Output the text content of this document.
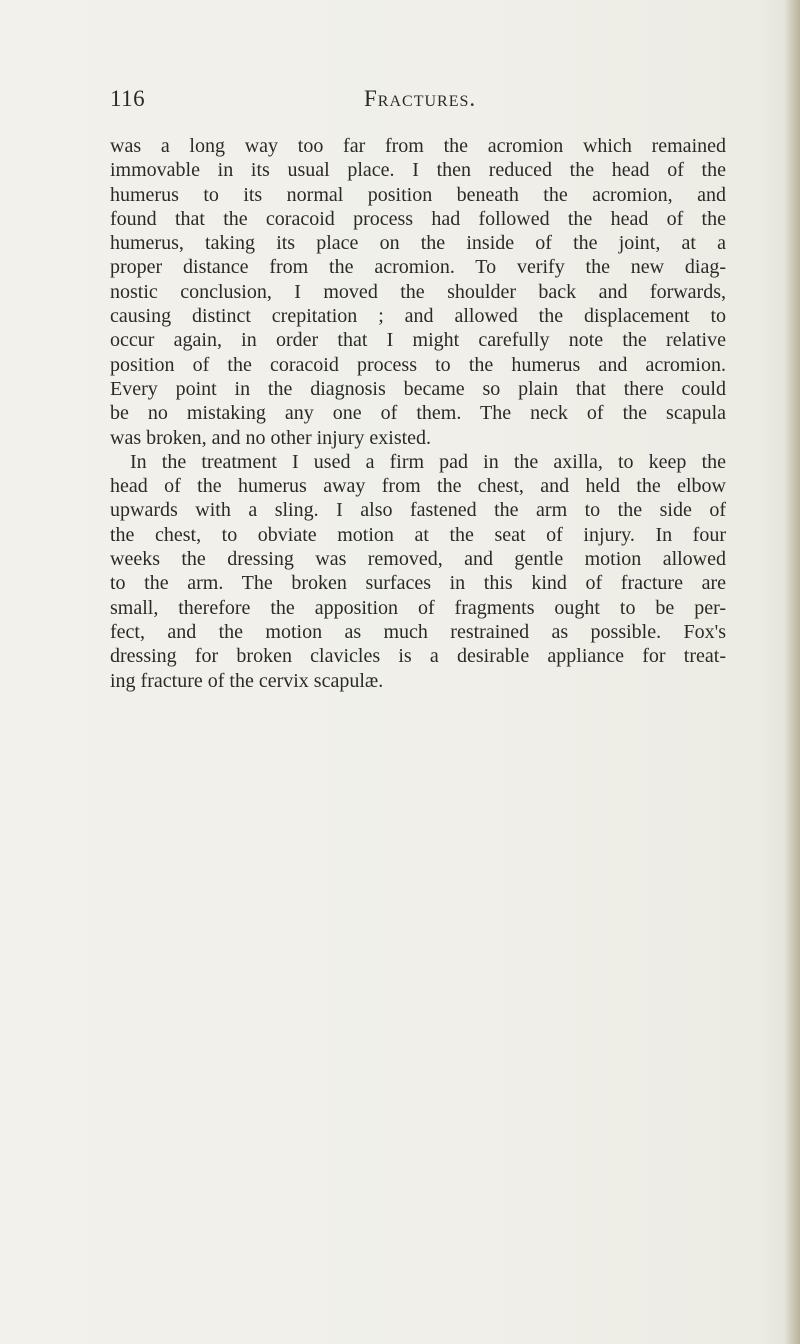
116	Fractures.
was a long way too far from the acromion which remained
immovable in its usual place. I then reduced the head of the
humerus to its normal position beneath the acromion, and
found that the coracoid process had followed the head of the
humerus, taking its place on the inside of the joint, at a
proper distance from the acromion. To verify the new diag-
nostic conclusion, I moved the shoulder back and forwards,
causing distinct crepitation ; and allowed the displacement to
occur again, in order that I might carefully note the relative
position of the coracoid process to the humerus and acromion.
Every point in the diagnosis became so plain that there could
be no mistaking any one of them. The neck of the scapula
was broken, and no other injury existed.
In the treatment I used a firm pad in the axilla, to keep the
head of the humerus away from the chest, and held the elbow
upwards with a sling. I also fastened the arm to the side of
the chest, to obviate motion at the seat of injury. In four
weeks the dressing was removed, and gentle motion allowed
to the arm. The broken surfaces in this kind of fracture are
small, therefore the apposition of fragments ought to be per-
fect, and the motion as much restrained as possible. Fox's
dressing for broken clavicles is a desirable appliance for treat-
ing fracture of the cervix scapulæ.
